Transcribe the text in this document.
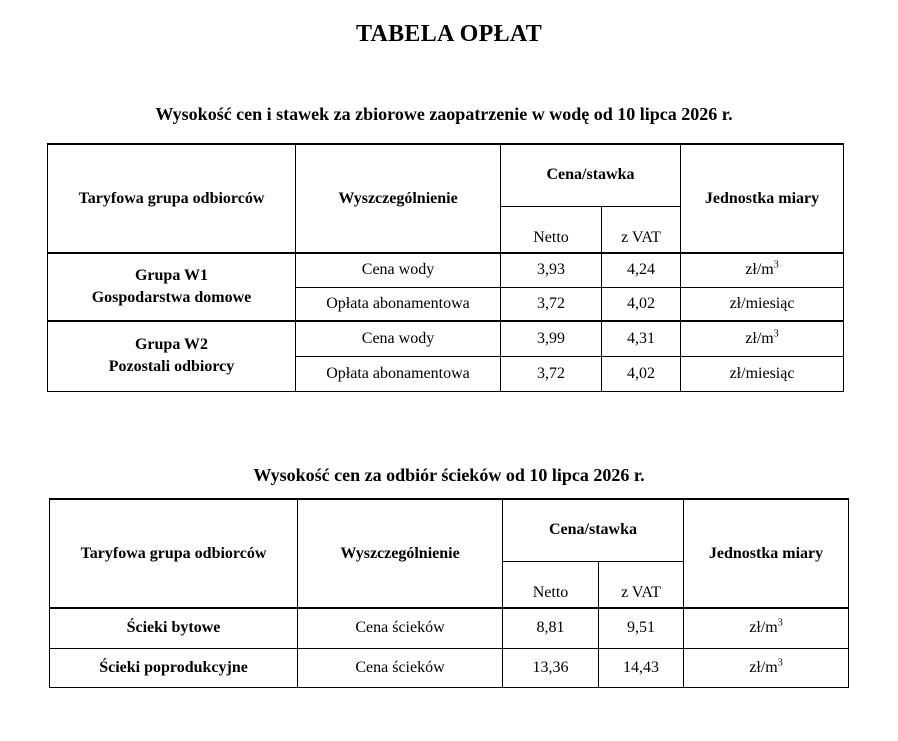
TABELA OPŁAT
Wysokość cen i stawek za zbiorowe zaopatrzenie w wodę od 10 lipca 2026 r.
Taryfowa grupa odbiorców	Wyszczególnienie	Cena/stawka		Jednostka miary
		Netto	z VAT	

Grupa W1
Gospodarstwa domowe	Cena wody	3,93	4,24	$zł/m^3$
	Opłata abonamentowa	3,72	4,02	zł/miesiąc

Grupa W2
Pozostali odbiorcy	Cena wody	3,99	4,31	$zł/m^3$
	Opłata abonamentowa	3,72	4,02	zł/miesiąc
Wysokość cen za odbiór ścieków od 10 lipca 2026 r.
Taryfowa grupa odbiorców	Wyszczególnienie	Cena/stawka		Jednostka miary
		Netto	z VAT	
Ścieki bytowe	Cena ścieków	8,81	9,51	$zł/m^3$
Ścieki poprodukcyjne	Cena ścieków	13,36	14,43	$zł/m^3$
